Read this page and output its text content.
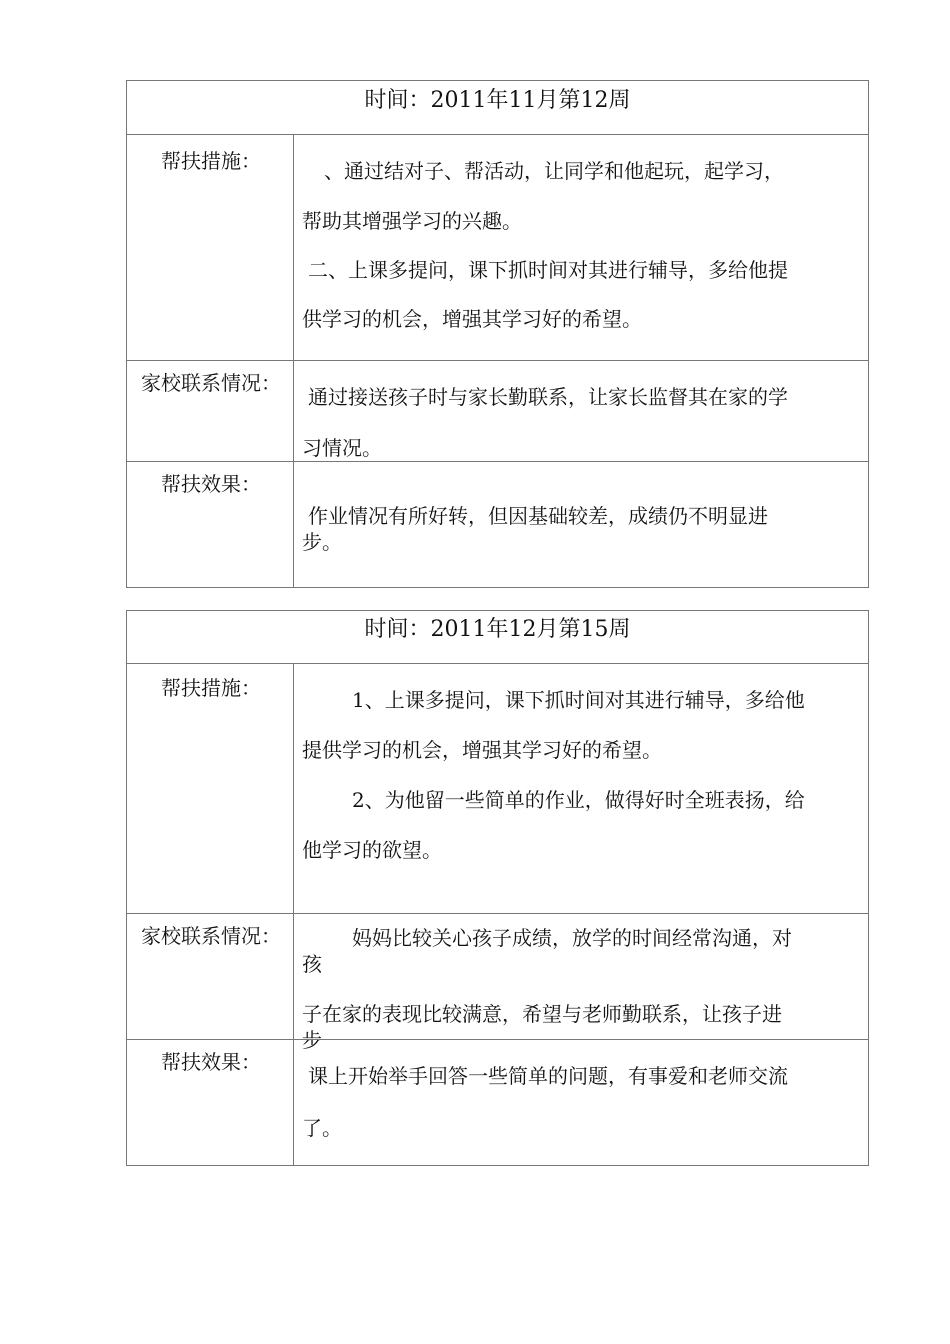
时间：2011年11月第12周
帮扶措施：	、通过结对子、帮活动，让同学和他起玩，起学习，
帮助其增强学习的兴趣。
二、上课多提问，课下抓时间对其进行辅导，多给他提
供学习的机会，增强其学习好的希望。
家校联系情况：
通过接送孩子时与家长勤联系，让家长监督其在家的学
习情况。
帮扶效果：
作业情况有所好转，但因基础较差，成绩仍不明显进
步。
时间：2011年12月第15周
帮扶措施：	1、上课多提问，课下抓时间对其进行辅导，多给他
提供学习的机会，增强其学习好的希望。
2、为他留一些简单的作业，做得好时全班表扬，给
他学习的欲望。
家校联系情况：	妈妈比较关心孩子成绩，放学的时间经常沟通，对
孩
子在家的表现比较满意，希望与老师勤联系，让孩子进
步
帮扶效果：
课上开始举手回答一些简单的问题，有事爱和老师交流
了。
